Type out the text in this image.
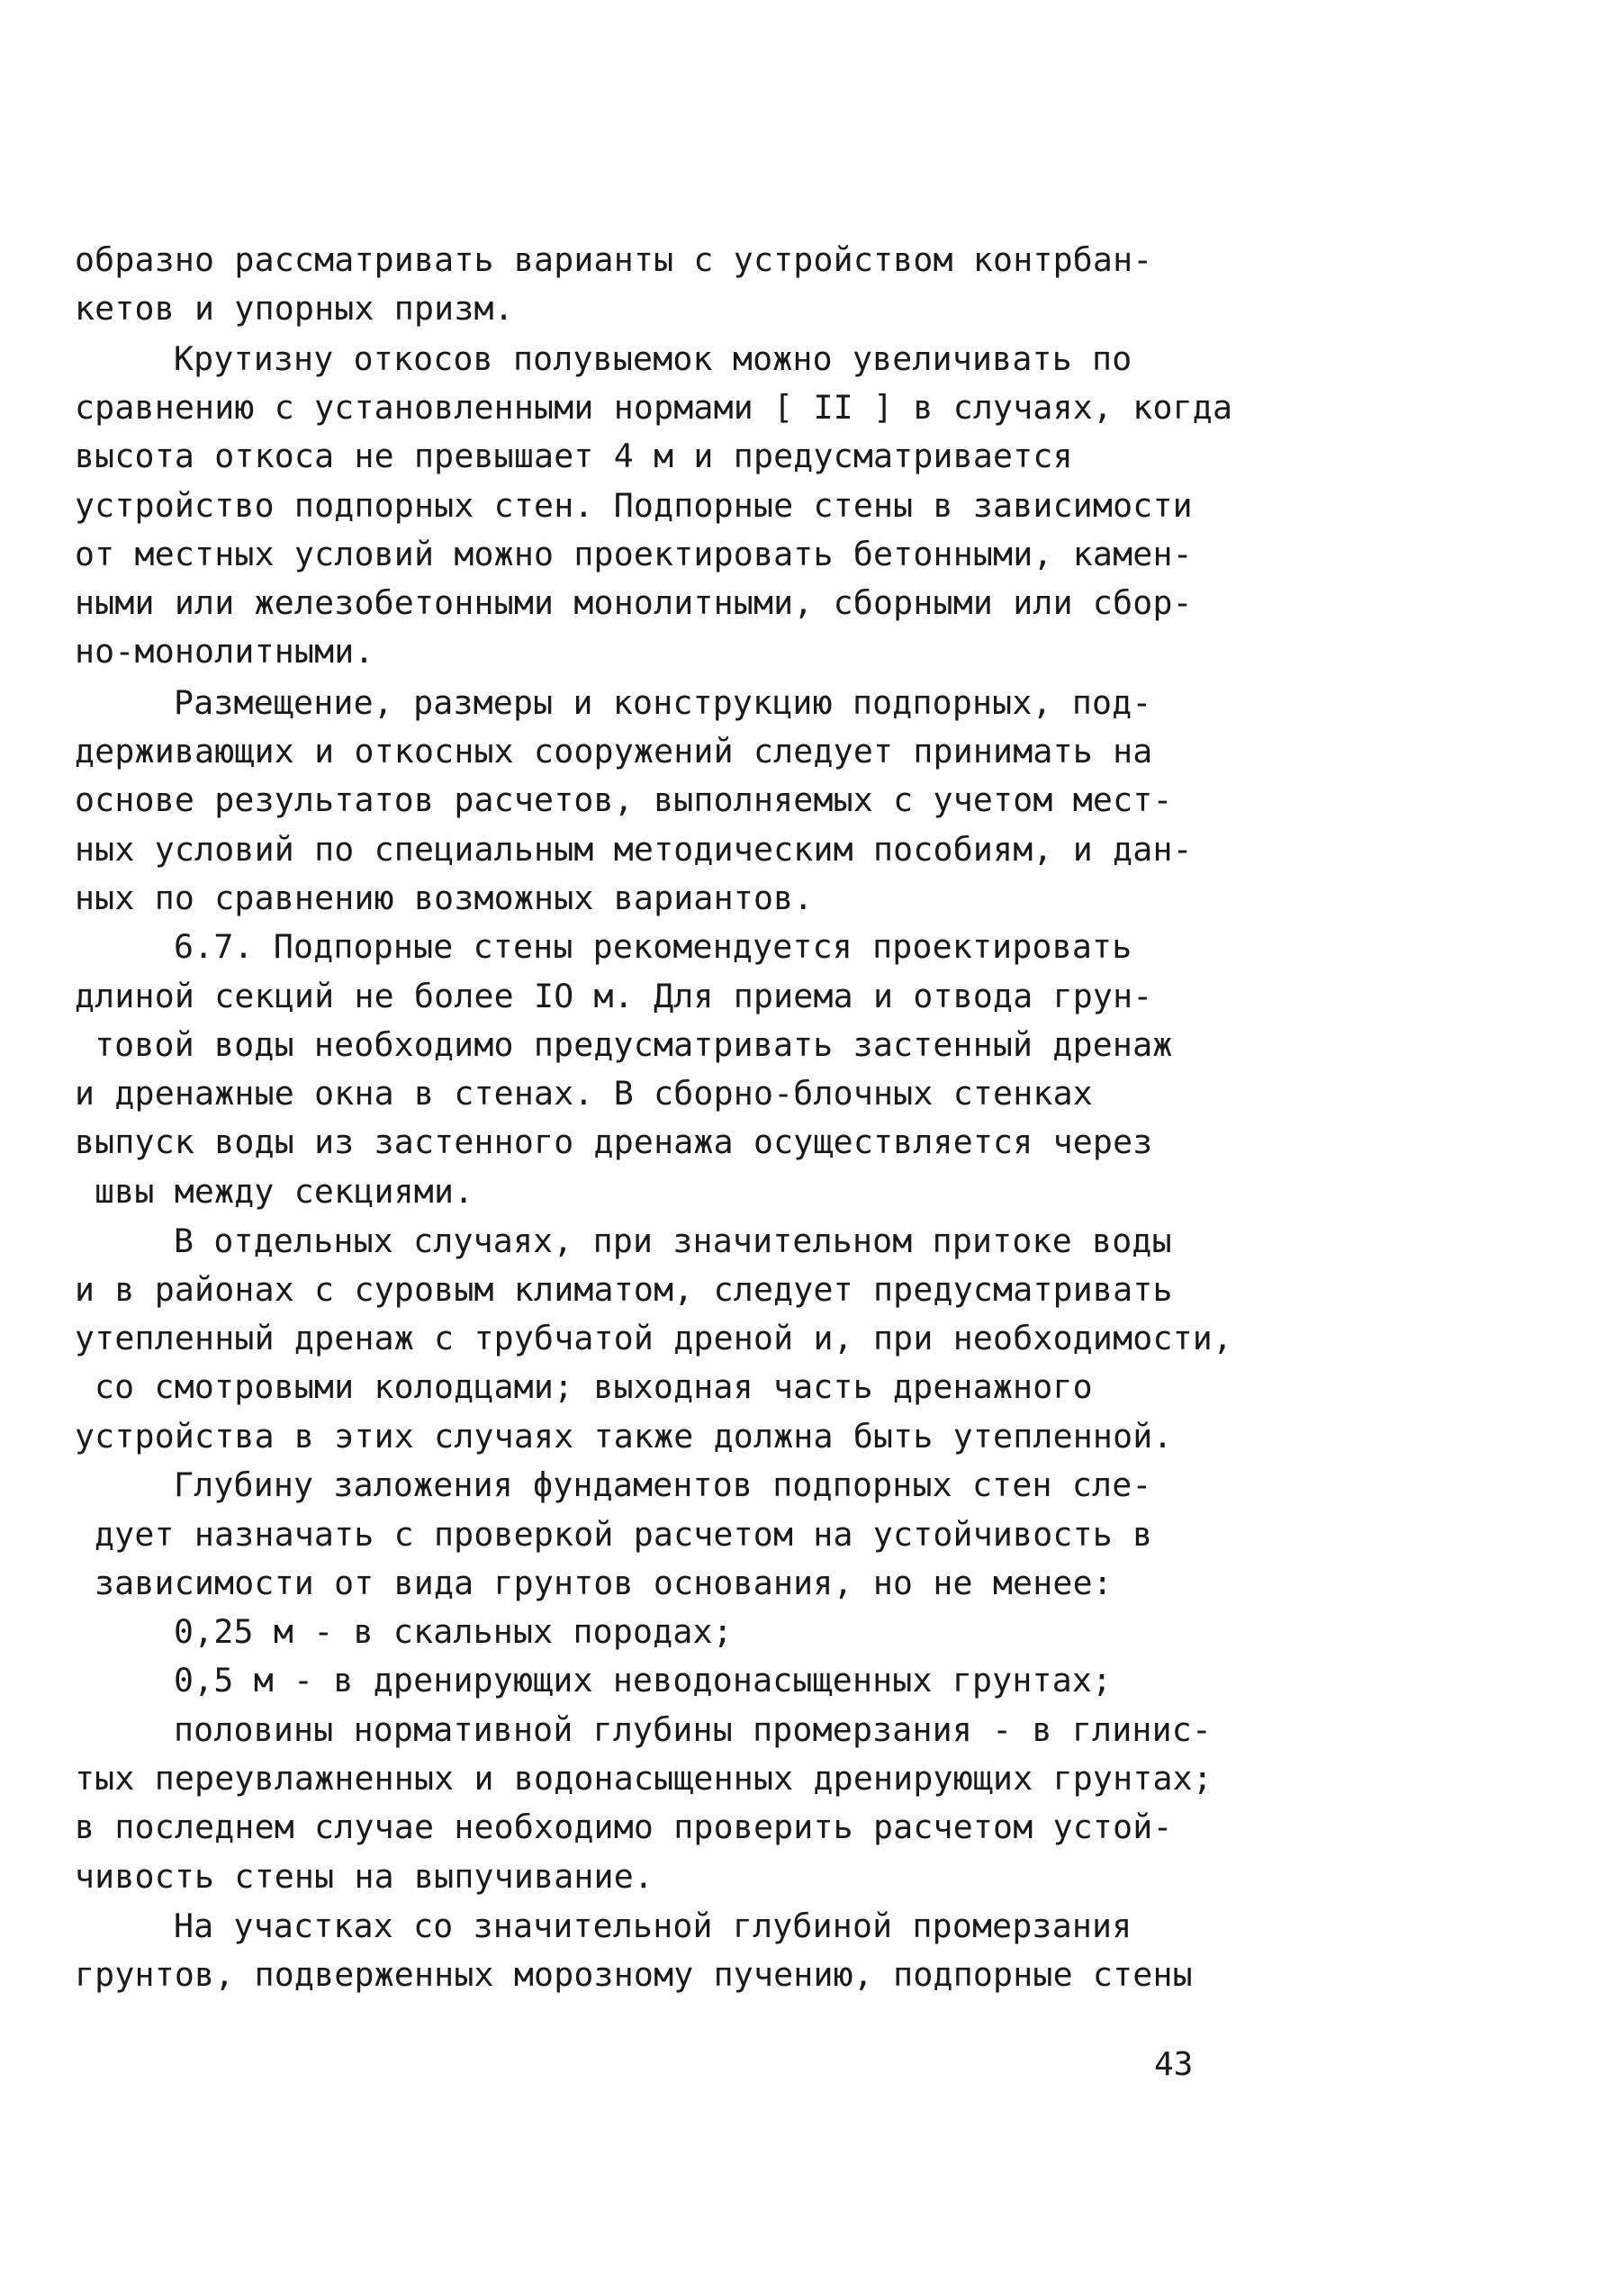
образно рассматривать варианты с устройством контрбан-
кетов и упорных призм.
Крутизну откосов полувыемок можно увеличивать по
сравнению с установленными нормами [ II ] в случаях, когда
высота откоса не превышает 4 м и предусматривается
устройство подпорных стен. Подпорные стены в зависимости
от местных условий можно проектировать бетонными, камен-
ными или железобетонными монолитными, сборными или сбор-
но-монолитными.
Размещение, размеры и конструкцию подпорных, под-
держивающих и откосных сооружений следует принимать на
основе результатов расчетов, выполняемых с учетом мест-
ных условий по специальным методическим пособиям, и дан-
ных по сравнению возможных вариантов.
6.7. Подпорные стены рекомендуется проектировать
длиной секций не более IO м. Для приема и отвода грун-
товой воды необходимо предусматривать застенный дренаж
и дренажные окна в стенах. В сборно-блочных стенках
выпуск воды из застенного дренажа осуществляется через
швы между секциями.
В отдельных случаях, при значительном притоке воды
и в районах с суровым климатом, следует предусматривать
утепленный дренаж с трубчатой дреной и, при необходимости,
со смотровыми колодцами; выходная часть дренажного
устройства в этих случаях также должна быть утепленной.
Глубину заложения фундаментов подпорных стен сле-
дует назначать с проверкой расчетом на устойчивость в
зависимости от вида грунтов основания, но не менее:
0,25 м - в скальных породах;
0,5 м - в дренирующих неводонасыщенных грунтах;
половины нормативной глубины промерзания - в глинис-
тых переувлажненных и водонасыщенных дренирующих грунтах;
в последнем случае необходимо проверить расчетом устой-
чивость стены на выпучивание.
На участках со значительной глубиной промерзания
грунтов, подверженных морозному пучению, подпорные стены
43
